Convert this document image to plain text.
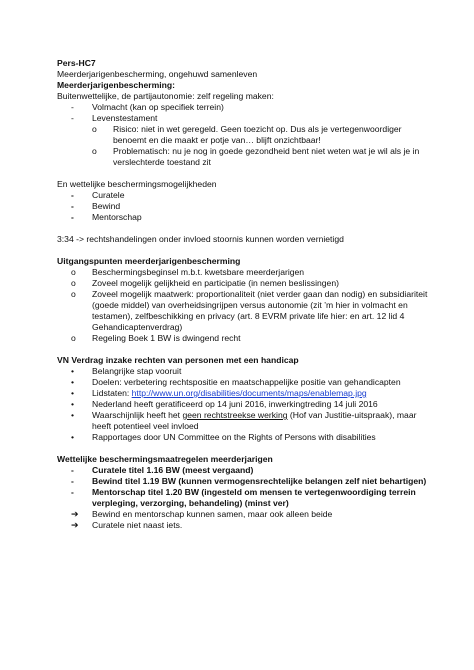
Pers-HC7

Meerderjarigenbescherming, ongehuwd samenleven

Meerderjarigenbescherming:

Buitenwettelijke, de partijautonomie: zelf regeling maken:

-	Volmacht (kan op specifiek terrein)
-	Levenstestament
o	Risico: niet in wet geregeld. Geen toezicht op. Dus als je vertegenwoordiger benoemt en die maakt er potje van… blijft onzichtbaar!
o	Problematisch: nu je nog in goede gezondheid bent niet weten wat je wil als je in verslechterde toestand zit

En wettelijke beschermingsmogelijkheden

-	Curatele
-	Bewind
-	Mentorschap

3:34 -> rechtshandelingen onder invloed stoornis kunnen worden vernietigd

Uitgangspunten meerderjarigenbescherming

o	Beschermingsbeginsel m.b.t. kwetsbare meerderjarigen
o	Zoveel mogelijk gelijkheid en participatie (in nemen beslissingen)
o	Zoveel mogelijk maatwerk: proportionaliteit (niet verder gaan dan nodig) en subsidiariteit (goede middel) van overheidsingrijpen versus autonomie (zit ’m hier in volmacht en testamen), zelfbeschikking en privacy (art. 8 EVRM private life hier: en art. 12 lid 4 Gehandicaptenverdrag)
o	Regeling Boek 1 BW is dwingend recht

VN Verdrag inzake rechten van personen met een handicap

•	Belangrijke stap vooruit
•	Doelen: verbetering rechtspositie en maatschappelijke positie van gehandicapten
•	Lidstaten: http://www.un.org/disabilities/documents/maps/enablemap.jpg
•	Nederland heeft geratificeerd op 14 juni 2016, inwerkingtreding 14 juli 2016
•	Waarschijnlijk heeft het geen rechtstreekse werking (Hof van Justitie-uitspraak), maar heeft potentieel veel invloed
•	Rapportages door UN Committee on the Rights of Persons with disabilities

Wettelijke beschermingsmaatregelen meerderjarigen

-	Curatele titel 1.16 BW (meest vergaand)
-	Bewind titel 1.19 BW (kunnen vermogensrechtelijke belangen zelf niet behartigen)
-	Mentorschap titel 1.20 BW (ingesteld om mensen te vertegenwoordiging terrein verpleging, verzorging, behandeling) (minst ver)
➔	Bewind en mentorschap kunnen samen, maar ook alleen beide
➔	Curatele niet naast iets.
